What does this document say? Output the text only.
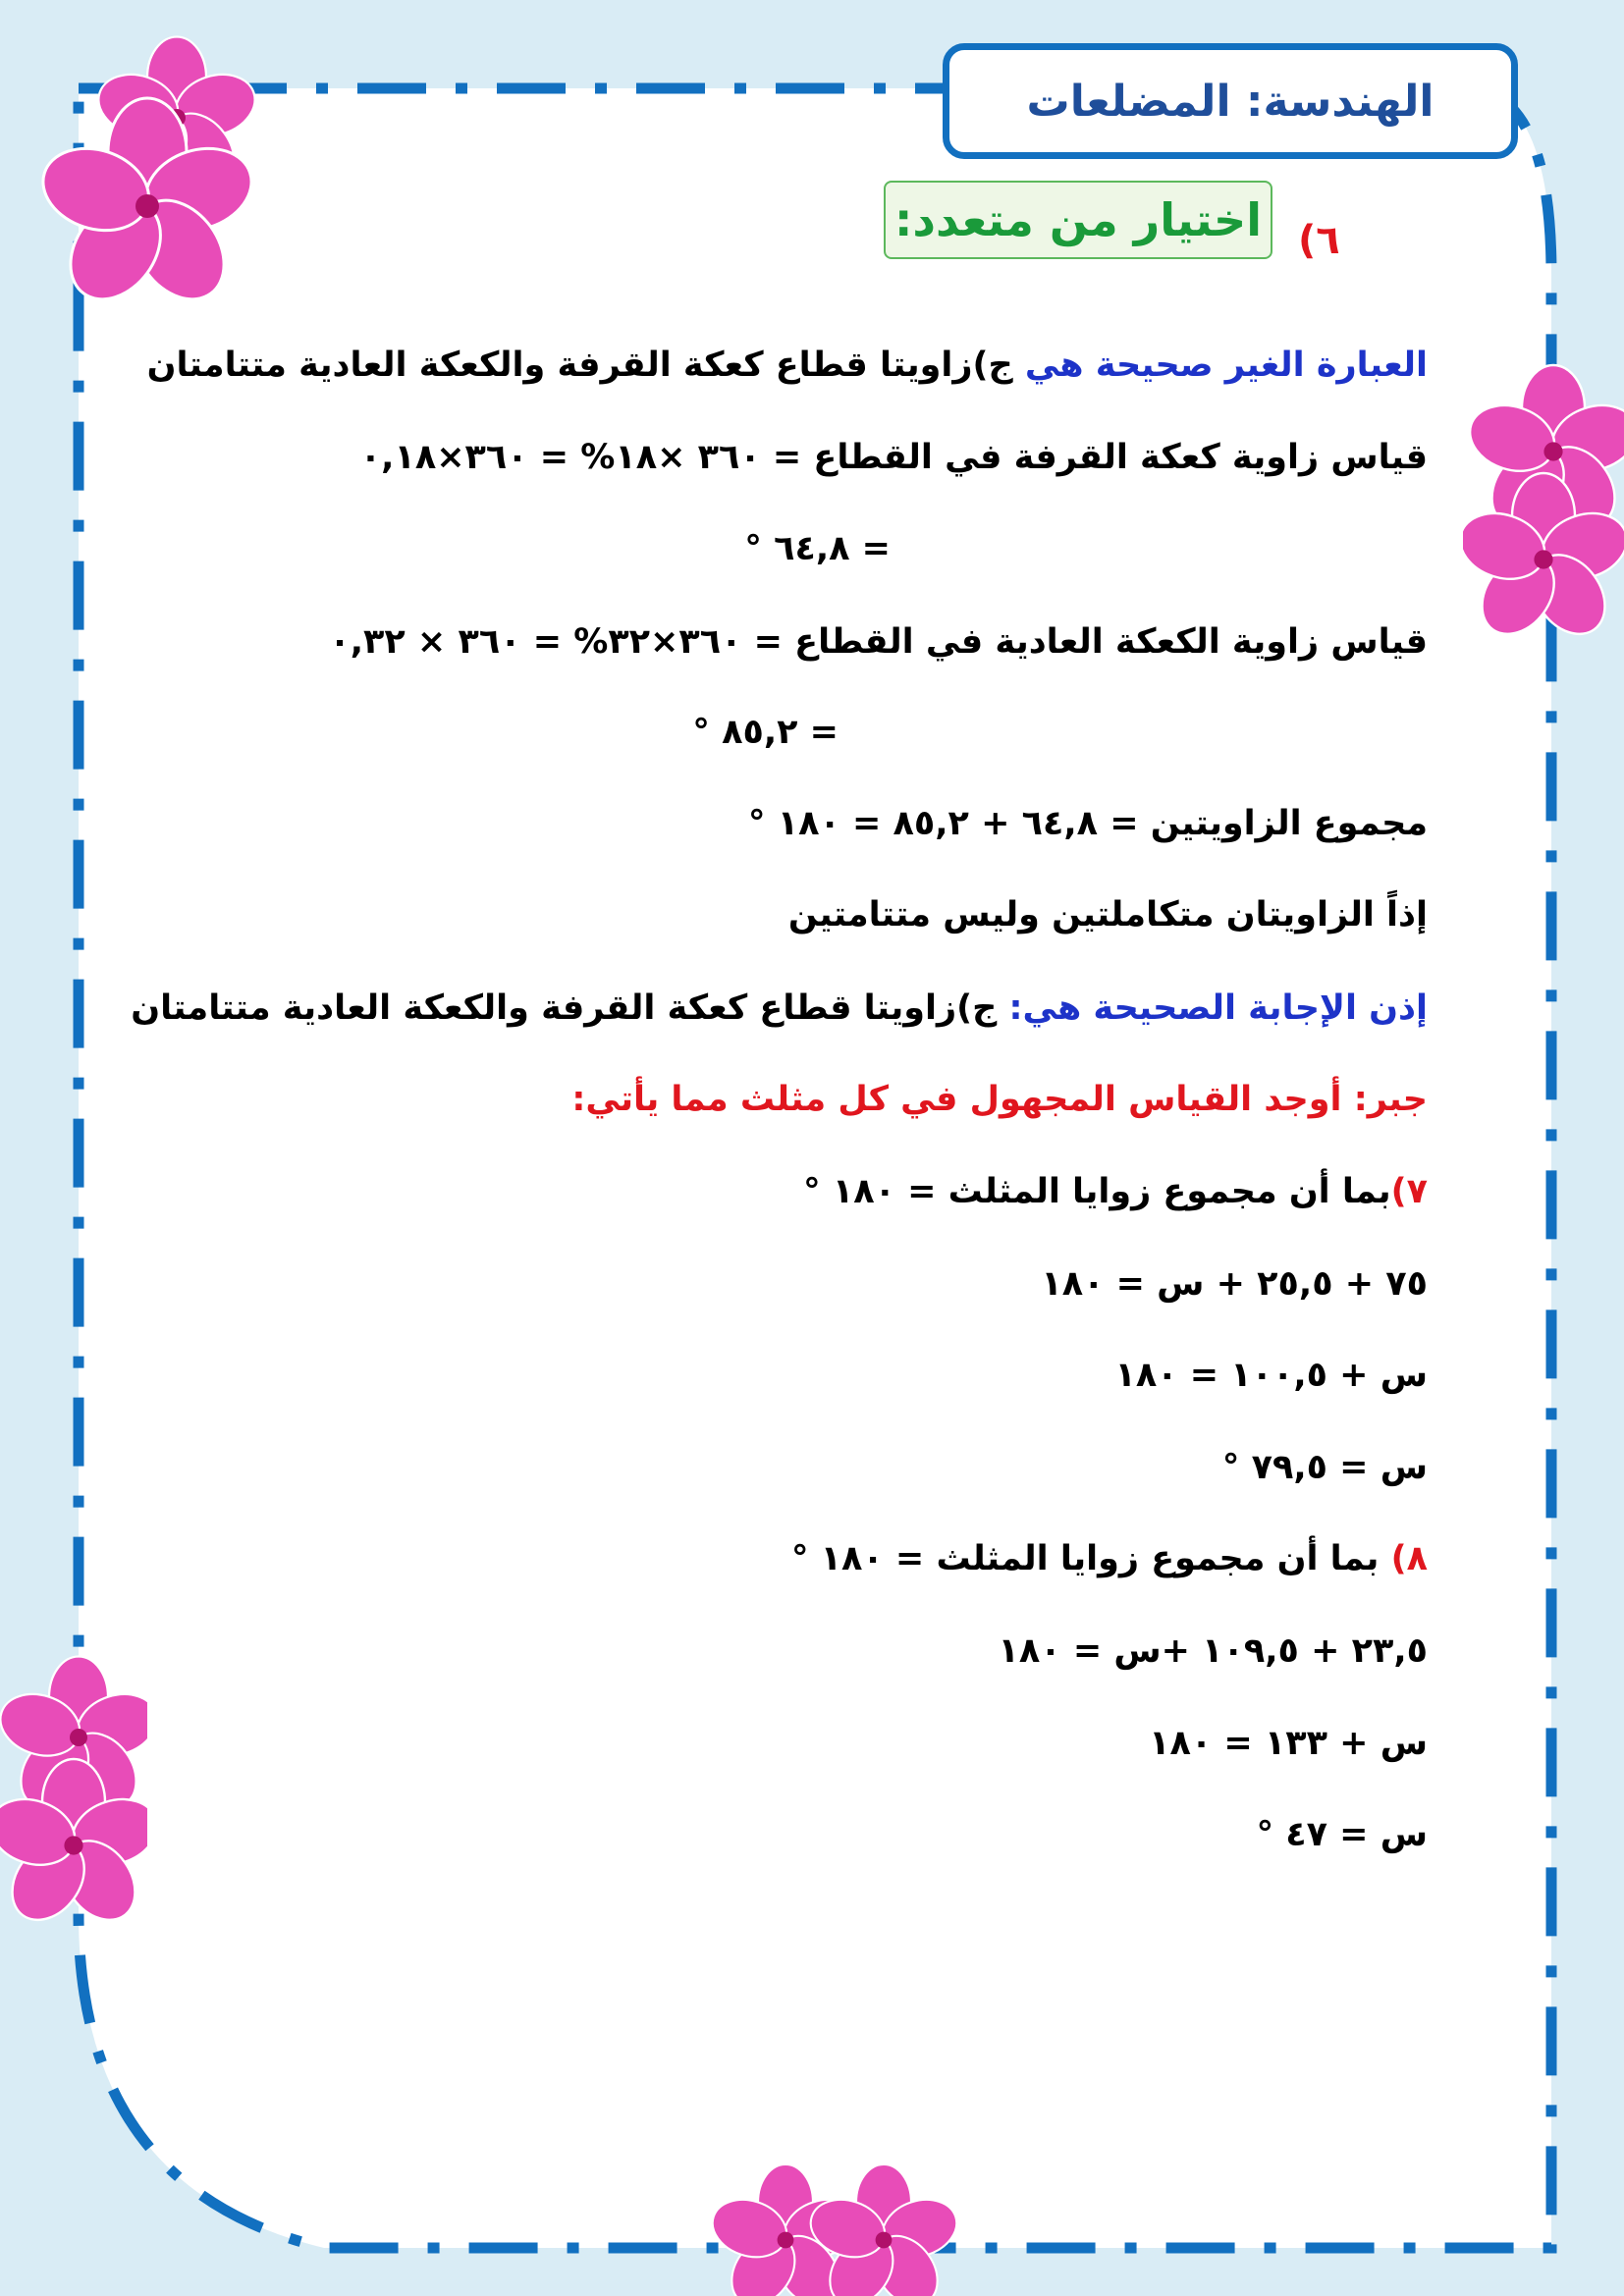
الهندسة: المضلعات
اختيار من متعدد: ٦)
العبارة الغير صحيحة هي ج)زاويتا قطاع كعكة القرفة والكعكة العادية متتامتان
قياس زاوية كعكة القرفة في القطاع = ٣٦٠ ×١٨% = ٣٦٠×٠,١٨
= ٦٤,٨ °
قياس زاوية الكعكة العادية في القطاع = ٣٦٠×٣٢% = ٣٦٠ × ٠,٣٢
= ٨٥,٢ °
مجموع الزاويتين = ٦٤,٨ + ٨٥,٢ = ١٨٠ °
إذاً الزاويتان متكاملتين وليس متتامتين
إذن الإجابة الصحيحة هي: ج)زاويتا قطاع كعكة القرفة والكعكة العادية متتامتان
جبر: أوجد القياس المجهول في كل مثلث مما يأتي:
٧)بما أن مجموع زوايا المثلث = ١٨٠ °
٧٥ + ٢٥,٥ + س = ١٨٠
س + ١٠٠,٥ = ١٨٠
س = ٧٩,٥ °
٨) بما أن مجموع زوايا المثلث = ١٨٠ °
٢٣,٥ + ١٠٩,٥ +س = ١٨٠
س + ١٣٣ = ١٨٠
س = ٤٧ °
